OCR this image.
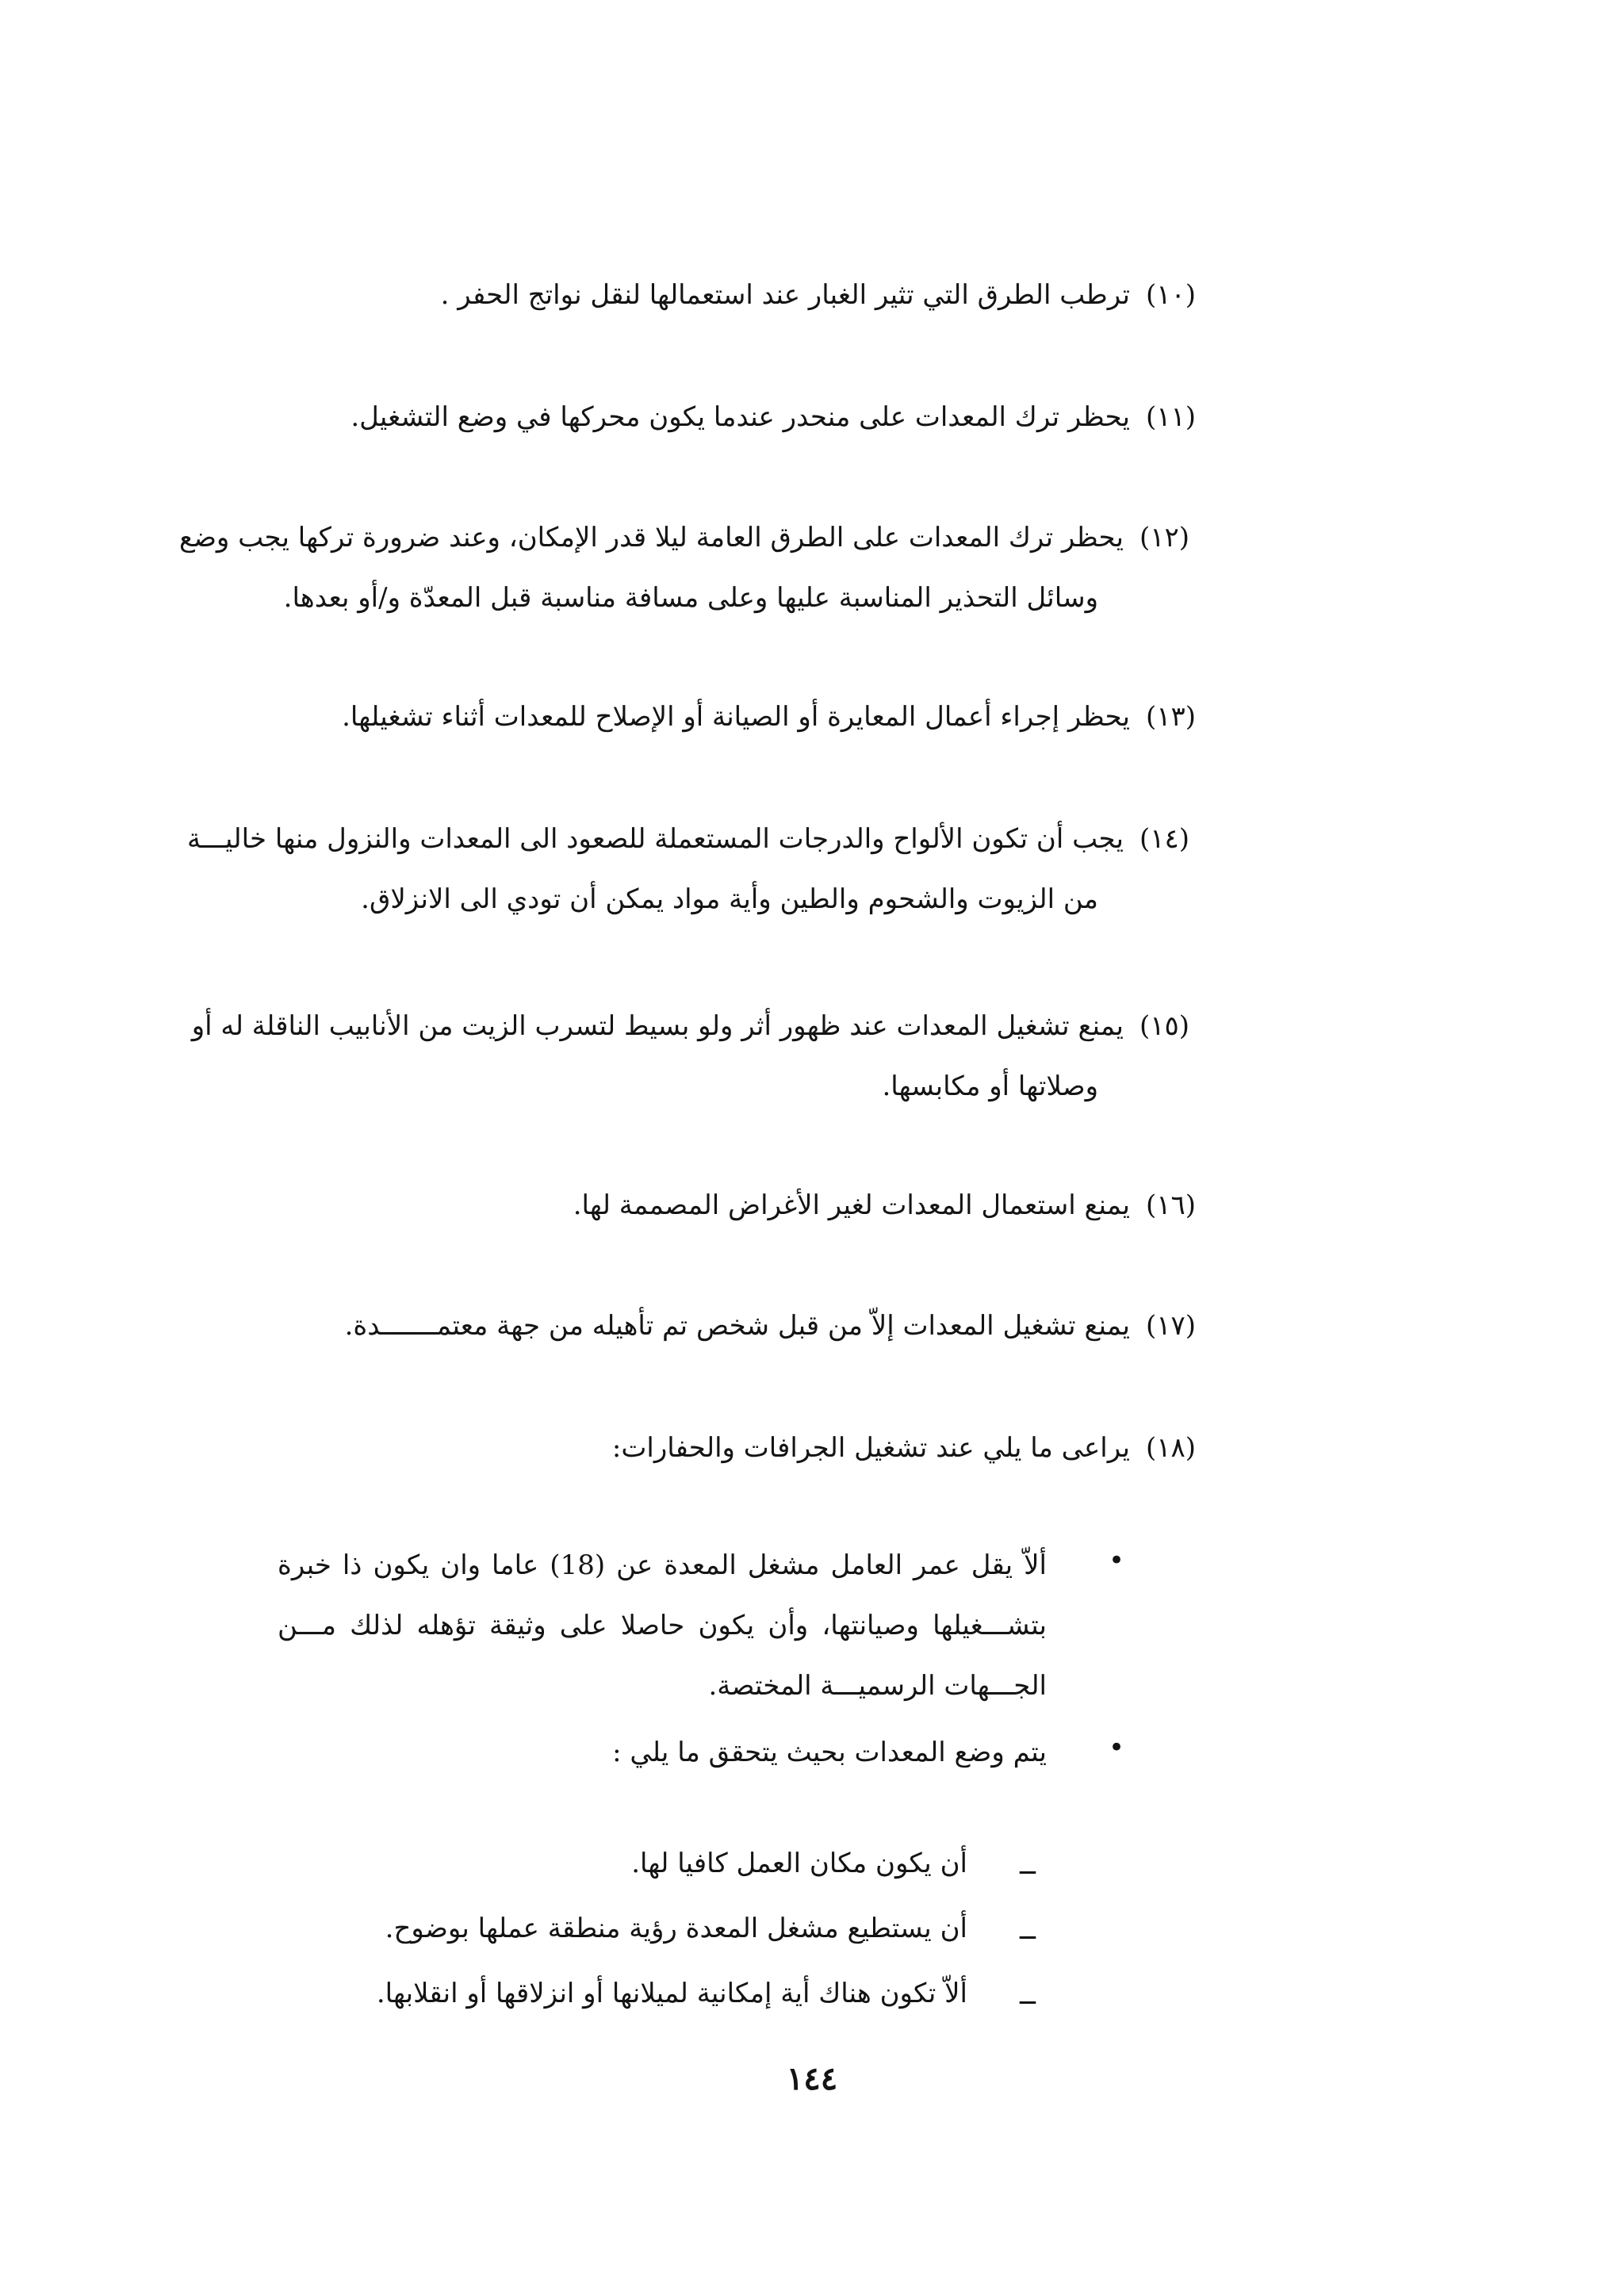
(١٠)ترطب الطرق التي تثير الغبار عند استعمالها لنقل نواتج الحفر .
(١١)يحظر ترك المعدات على منحدر عندما يكون محركها في وضع التشغيل.
(١٢)يحظر ترك المعدات على الطرق العامة ليلا قدر الإمكان، وعند ضرورة تركها يجب وضع
وسائل التحذير المناسبة عليها وعلى مسافة مناسبة قبل المعدّة و/أو بعدها.
(١٣)يحظر إجراء أعمال المعايرة أو الصيانة أو الإصلاح للمعدات أثناء تشغيلها.
(١٤)يجب أن تكون الألواح والدرجات المستعملة للصعود الى المعدات والنزول منها خاليـــة
من الزيوت والشحوم والطين وأية مواد يمكن أن تودي الى الانزلاق.
(١٥)يمنع تشغيل المعدات عند ظهور أثر ولو بسيط لتسرب الزيت من الأنابيب الناقلة له أو
وصلاتها أو مكابسها.
(١٦)يمنع استعمال المعدات لغير الأغراض المصممة لها.
(١٧)يمنع تشغيل المعدات إلاّ من قبل شخص تم تأهيله من جهة معتمـــــــدة.
(١٨)يراعى ما يلي عند تشغيل الجرافات والحفارات:
•
ألاّ يقل عمر العامل مشغل المعدة عن (18) عاما وان يكون ذا خبرة بتشـــغيلها وصيانتها، وأن يكون حاصلا على وثيقة تؤهله لذلك مـــن الجـــهات الرسميـــة المختصة.
•
يتم وضع المعدات بحيث يتحقق ما يلي :
ــ
أن يكون مكان العمل كافيا لها.
ــ
أن يستطيع مشغل المعدة رؤية منطقة عملها بوضوح.
ــ
ألاّ تكون هناك أية إمكانية لميلانها أو انزلاقها أو انقلابها.
١٤٤
